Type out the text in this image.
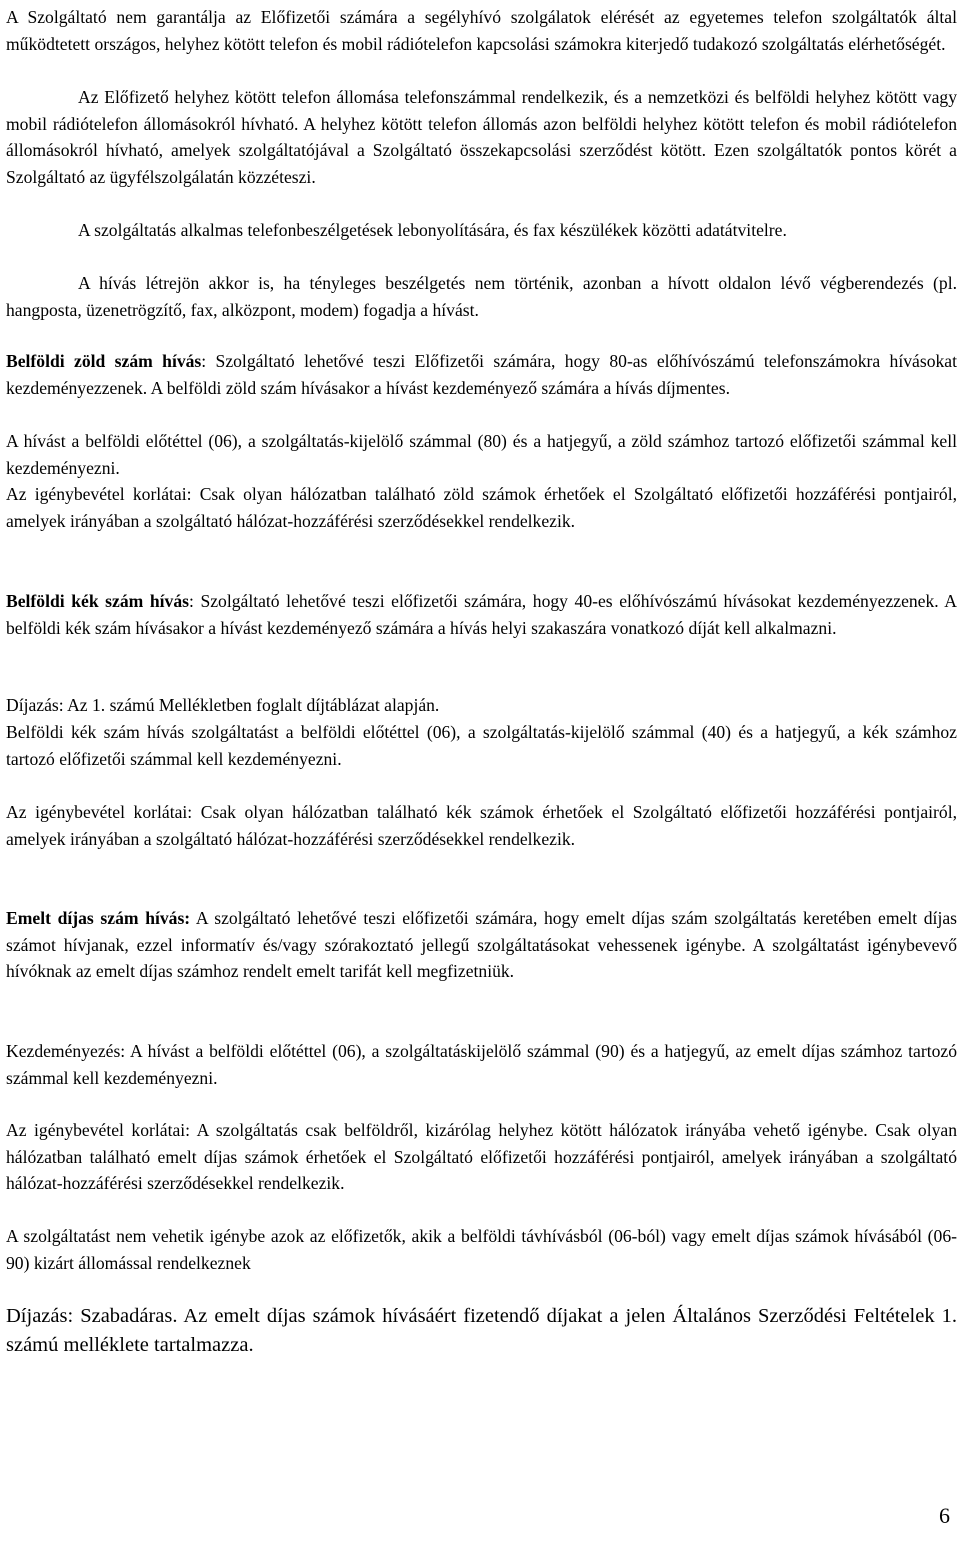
A Szolgáltató nem garantálja az Előfizetői számára a segélyhívó szolgálatok elérését az egyetemes telefon szolgáltatók által működtetett országos, helyhez kötött telefon és mobil rádiótelefon kapcsolási számokra kiterjedő tudakozó szolgáltatás elérhetőségét.

Az Előfizető helyhez kötött telefon állomása telefonszámmal rendelkezik, és a nemzetközi és belföldi helyhez kötött vagy mobil rádiótelefon állomásokról hívható. A helyhez kötött telefon állomás azon belföldi helyhez kötött telefon és mobil rádiótelefon állomásokról hívható, amelyek szolgáltatójával a Szolgáltató összekapcsolási szerződést kötött. Ezen szolgáltatók pontos körét a Szolgáltató az ügyfélszolgálatán közzéteszi.

A szolgáltatás alkalmas telefonbeszélgetések lebonyolítására, és fax készülékek közötti adatátvitelre.

A hívás létrejön akkor is, ha tényleges beszélgetés nem történik, azonban a hívott oldalon lévő végberendezés (pl. hangposta, üzenetrögzítő, fax, alközpont, modem) fogadja a hívást.

Belföldi zöld szám hívás: Szolgáltató lehetővé teszi Előfizetői számára, hogy 80-as előhívószámú telefonszámokra hívásokat kezdeményezzenek. A belföldi zöld szám hívásakor a hívást kezdeményező számára a hívás díjmentes.

A hívást a belföldi előtéttel (06), a szolgáltatás-kijelölő számmal (80) és a hatjegyű, a zöld számhoz tartozó előfizetői számmal kell kezdeményezni.

Az igénybevétel korlátai: Csak olyan hálózatban található zöld számok érhetőek el Szolgáltató előfizetői hozzáférési pontjairól, amelyek irányában a szolgáltató hálózat-hozzáférési szerződésekkel rendelkezik.

Belföldi kék szám hívás: Szolgáltató lehetővé teszi előfizetői számára, hogy 40-es előhívószámú hívásokat kezdeményezzenek. A belföldi kék szám hívásakor a hívást kezdeményező számára a hívás helyi szakaszára vonatkozó díját kell alkalmazni.

Díjazás: Az 1. számú Mellékletben foglalt díjtáblázat alapján.

Belföldi kék szám hívás szolgáltatást a belföldi előtéttel (06), a szolgáltatás-kijelölő számmal (40) és a hatjegyű, a kék számhoz tartozó előfizetői számmal kell kezdeményezni.

Az igénybevétel korlátai: Csak olyan hálózatban található kék számok érhetőek el Szolgáltató előfizetői hozzáférési pontjairól, amelyek irányában a szolgáltató hálózat-hozzáférési szerződésekkel rendelkezik.

Emelt díjas szám hívás: A szolgáltató lehetővé teszi előfizetői számára, hogy emelt díjas szám szolgáltatás keretében emelt díjas számot hívjanak, ezzel informatív és/vagy szórakoztató jellegű szolgáltatásokat vehessenek igénybe. A szolgáltatást igénybevevő hívóknak az emelt díjas számhoz rendelt emelt tarifát kell megfizetniük.

Kezdeményezés: A hívást a belföldi előtéttel (06), a szolgáltatáskijelölő számmal (90) és a hatjegyű, az emelt díjas számhoz tartozó számmal kell kezdeményezni.

Az igénybevétel korlátai: A szolgáltatás csak belföldről, kizárólag helyhez kötött hálózatok irányába vehető igénybe. Csak olyan hálózatban található emelt díjas számok érhetőek el Szolgáltató előfizetői hozzáférési pontjairól, amelyek irányában a szolgáltató hálózat-hozzáférési szerződésekkel rendelkezik.

A szolgáltatást nem vehetik igénybe azok az előfizetők, akik a belföldi távhívásból (06-ból) vagy emelt díjas számok hívásából (06-90) kizárt állomással rendelkeznek

Díjazás: Szabadáras. Az emelt díjas számok hívásáért fizetendő díjakat a jelen Általános Szerződési Feltételek 1. számú melléklete tartalmazza.

6
